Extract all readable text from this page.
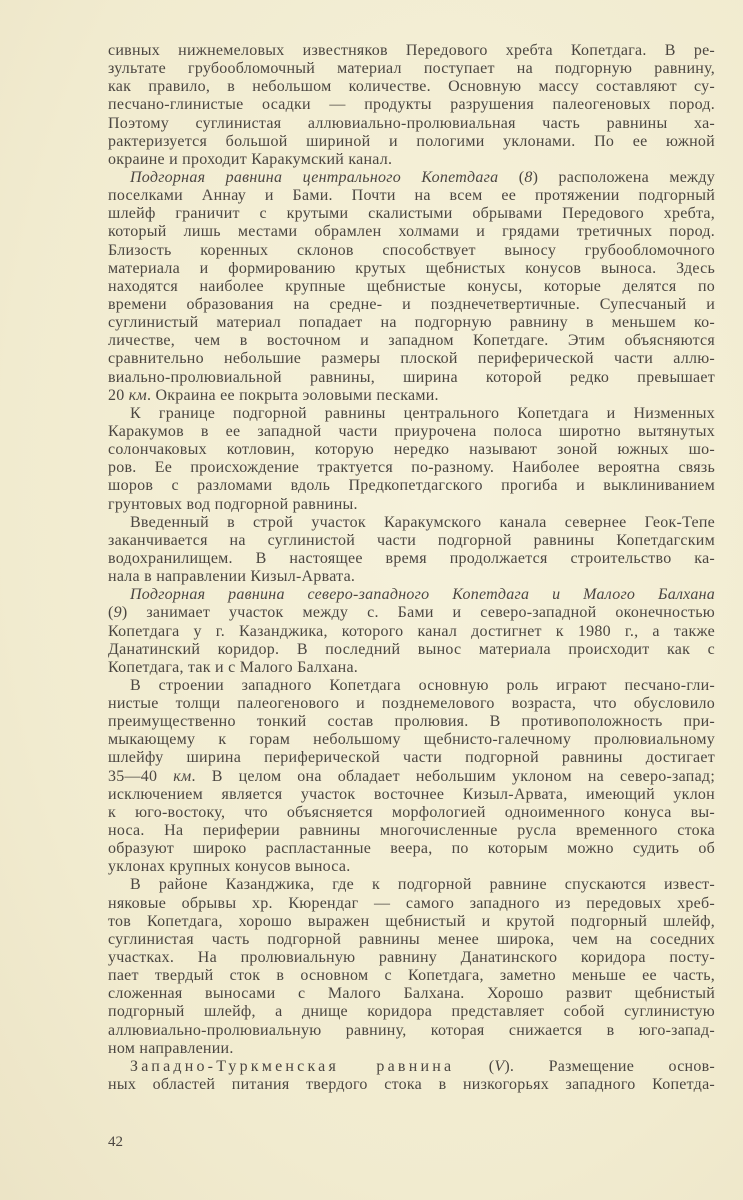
сивных нижнемеловых известняков Передового хребта Копетдага. В ре-
зультате грубообломочный материал поступает на подгорную равнину,
как правило, в небольшом количестве. Основную массу составляют су-
песчано-глинистые осадки — продукты разрушения палеогеновых пород.
Поэтому суглинистая аллювиально-пролювиальная часть равнины ха-
рактеризуется большой шириной и пологими уклонами. По ее южной
окраине и проходит Каракумский канал.
Подгорная равнина центрального Копетдага (8) расположена между
поселками Аннау и Бами. Почти на всем ее протяжении подгорный
шлейф граничит с крутыми скалистыми обрывами Передового хребта,
который лишь местами обрамлен холмами и грядами третичных пород.
Близость коренных склонов способствует выносу грубообломочного
материала и формированию крутых щебнистых конусов выноса. Здесь
находятся наиболее крупные щебнистые конусы, которые делятся по
времени образования на средне- и позднечетвертичные. Супесчаный и
суглинистый материал попадает на подгорную равнину в меньшем ко-
личестве, чем в восточном и западном Копетдаге. Этим объясняются
сравнительно небольшие размеры плоской периферической части аллю-
виально-пролювиальной равнины, ширина которой редко превышает
20 км. Окраина ее покрыта эоловыми песками.
К границе подгорной равнины центрального Копетдага и Низменных
Каракумов в ее западной части приурочена полоса широтно вытянутых
солончаковых котловин, которую нередко называют зоной южных шо-
ров. Ее происхождение трактуется по-разному. Наиболее вероятна связь
шоров с разломами вдоль Предкопетдагского прогиба и выклиниванием
грунтовых вод подгорной равнины.
Введенный в строй участок Каракумского канала севернее Геок-Тепе
заканчивается на суглинистой части подгорной равнины Копетдагским
водохранилищем. В настоящее время продолжается строительство ка-
нала в направлении Кизыл-Арвата.
Подгорная равнина северо-западного Копетдага и Малого Балхана
(9) занимает участок между с. Бами и северо-западной оконечностью
Копетдага у г. Казанджика, которого канал достигнет к 1980 г., а также
Данатинский коридор. В последний вынос материала происходит как с
Копетдага, так и с Малого Балхана.
В строении западного Копетдага основную роль играют песчано-гли-
нистые толщи палеогенового и позднемелового возраста, что обусловило
преимущественно тонкий состав пролювия. В противоположность при-
мыкающему к горам небольшому щебнисто-галечному пролювиальному
шлейфу ширина периферической части подгорной равнины достигает
35—40 км. В целом она обладает небольшим уклоном на северо-запад;
исключением является участок восточнее Кизыл-Арвата, имеющий уклон
к юго-востоку, что объясняется морфологией одноименного конуса вы-
носа. На периферии равнины многочисленные русла временного стока
образуют широко распластанные веера, по которым можно судить об
уклонах крупных конусов выноса.
В районе Казанджика, где к подгорной равнине спускаются извест-
няковые обрывы хр. Кюрендаг — самого западного из передовых хреб-
тов Копетдага, хорошо выражен щебнистый и крутой подгорный шлейф,
суглинистая часть подгорной равнины менее широка, чем на соседних
участках. На пролювиальную равнину Данатинского коридора посту-
пает твердый сток в основном с Копетдага, заметно меньше ее часть,
сложенная выносами с Малого Балхана. Хорошо развит щебнистый
подгорный шлейф, а днище коридора представляет собой суглинистую
аллювиально-пролювиальную равнину, которая снижается в юго-запад-
ном направлении.
Западно-Туркменская равнина (V). Размещение основ-
ных областей питания твердого стока в низкогорьях западного Копетда-
42
